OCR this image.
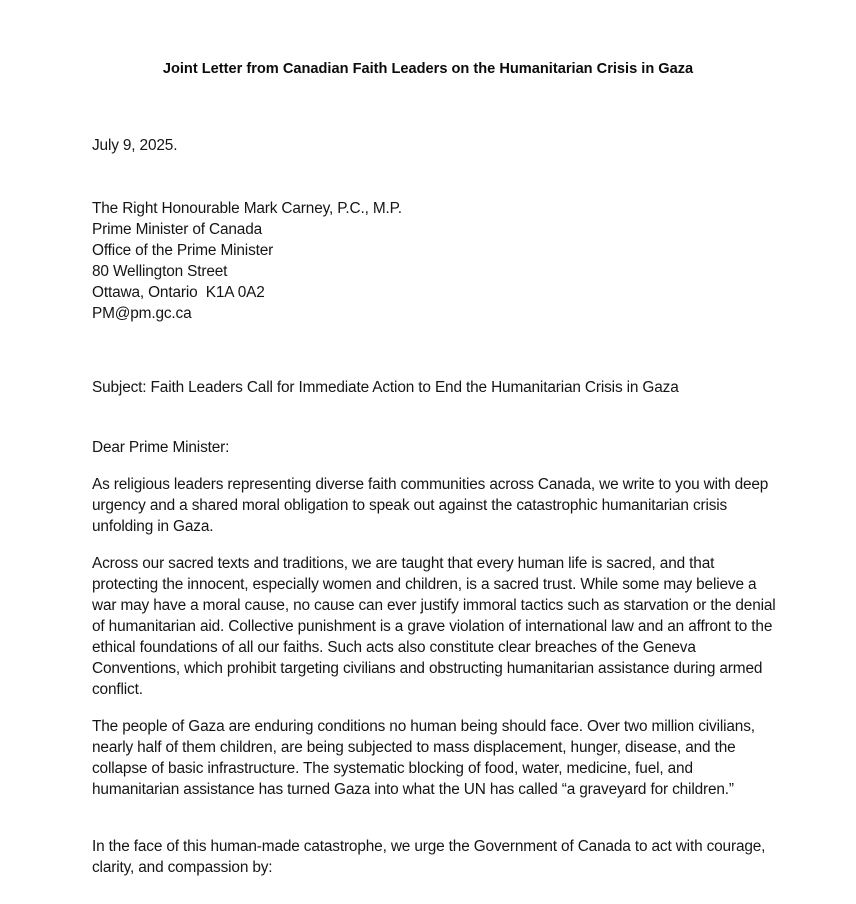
Joint Letter from Canadian Faith Leaders on the Humanitarian Crisis in Gaza
July 9, 2025.
The Right Honourable Mark Carney, P.C., M.P.
Prime Minister of Canada
Office of the Prime Minister
80 Wellington Street
Ottawa, Ontario  K1A 0A2
PM@pm.gc.ca
Subject: Faith Leaders Call for Immediate Action to End the Humanitarian Crisis in Gaza
Dear Prime Minister:

As religious leaders representing diverse faith communities across Canada, we write to you with deep urgency and a shared moral obligation to speak out against the catastrophic humanitarian crisis unfolding in Gaza.

Across our sacred texts and traditions, we are taught that every human life is sacred, and that protecting the innocent, especially women and children, is a sacred trust. While some may believe a war may have a moral cause, no cause can ever justify immoral tactics such as starvation or the denial of humanitarian aid. Collective punishment is a grave violation of international law and an affront to the ethical foundations of all our faiths. Such acts also constitute clear breaches of the Geneva Conventions, which prohibit targeting civilians and obstructing humanitarian assistance during armed conflict.

The people of Gaza are enduring conditions no human being should face. Over two million civilians, nearly half of them children, are being subjected to mass displacement, hunger, disease, and the collapse of basic infrastructure. The systematic blocking of food, water, medicine, fuel, and humanitarian assistance has turned Gaza into what the UN has called “a graveyard for children.”

In the face of this human-made catastrophe, we urge the Government of Canada to act with courage, clarity, and compassion by:
